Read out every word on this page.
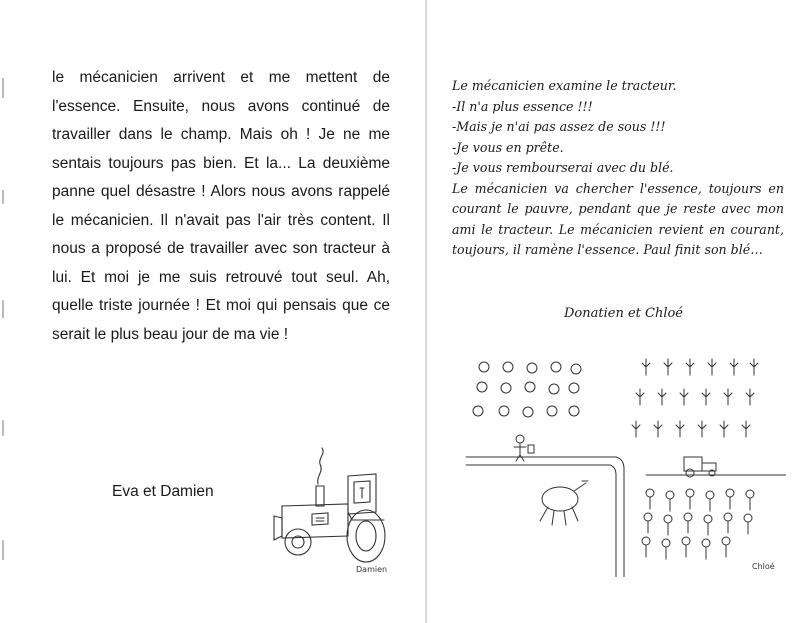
le mécanicien arrivent et me mettent de l'essence. Ensuite, nous avons continué de travailler dans le champ. Mais oh ! Je ne me sentais toujours pas bien. Et la... La deuxième panne quel désastre ! Alors nous avons rappelé le mécanicien. Il n'avait pas l'air très content. Il nous a proposé de travailler avec son tracteur à lui. Et moi je me suis retrouvé tout seul. Ah, quelle triste journée ! Et moi qui pensais que ce serait le plus beau jour de ma vie !

Eva et Damien
Damien
Le mécanicien examine le tracteur.
-Il n'a plus essence !!!
-Mais je n'ai pas assez de sous !!!
-Je vous en prête.
-Je vous rembourserai avec du blé.
Le mécanicien va chercher l'essence, toujours en courant le pauvre, pendant que je reste avec mon ami le tracteur. Le mécanicien revient en courant, toujours, il ramène l'essence. Paul finit son blé…
Donatien et Chloé
Chloé
